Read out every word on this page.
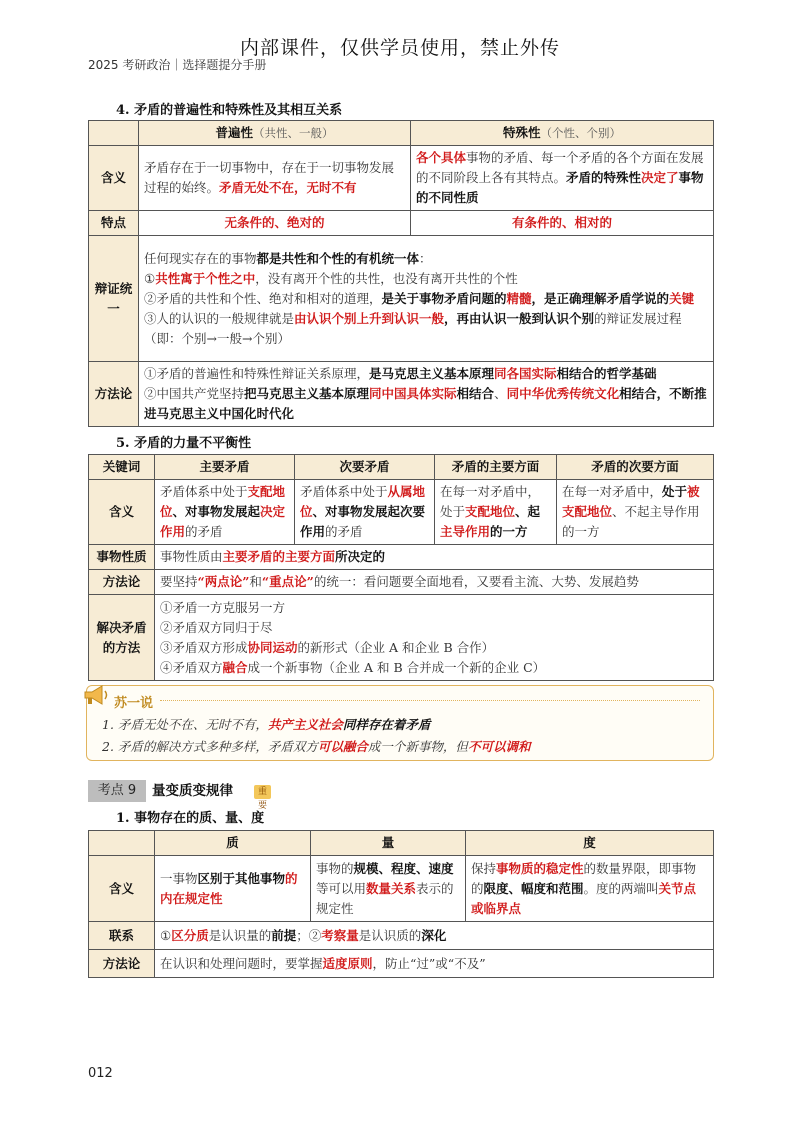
内部课件，仅供学员使用，禁止外传
2025 考研政治｜选择题提分手册
4. 矛盾的普遍性和特殊性及其相互关系
	普遍性（共性、一般）	特殊性（个性、个别）
含义	矛盾存在于一切事物中，存在于一切事物发展过程的始终。矛盾无处不在，无时不有	各个具体事物的矛盾、每一个矛盾的各个方面在发展的不同阶段上各有其特点。矛盾的特殊性决定了事物的不同性质
特点	无条件的、绝对的	有条件的、相对的
辩证统一	任何现实存在的事物都是共性和个性的有机统一体：
①共性寓于个性之中，没有离开个性的共性，也没有离开共性的个性
②矛盾的共性和个性、绝对和相对的道理，是关于事物矛盾问题的精髓，是正确理解矛盾学说的关键
③人的认识的一般规律就是由认识个别上升到认识一般，再由认识一般到认识个别的辩证发展过程（即：个别→一般→个别）	

方法论	①矛盾的普遍性和特殊性辩证关系原理，是马克思主义基本原理同各国实际相结合的哲学基础
②中国共产党坚持把马克思主义基本原理同中国具体实际相结合、同中华优秀传统文化相结合，不断推进马克思主义中国化时代化	
5. 矛盾的力量不平衡性
关键词	主要矛盾	次要矛盾	矛盾的主要方面	矛盾的次要方面
含义	矛盾体系中处于支配地位、对事物发展起决定作用的矛盾	矛盾体系中处于从属地位、对事物发展起次要作用的矛盾	在每一对矛盾中，处于支配地位、起主导作用的一方	在每一对矛盾中，处于被支配地位、不起主导作用的一方
事物性质	事物性质由主要矛盾的主要方面所决定的			
方法论	要坚持“两点论”和“重点论”的统一：看问题要全面地看，又要看主流、大势、发展趋势			
解决矛盾的方法	①矛盾一方克服另一方
②矛盾双方同归于尽
③矛盾双方形成协同运动的新形式（企业 A 和企业 B 合作）
④矛盾双方融合成一个新事物（企业 A 和 B 合并成一个新的企业 C）			
苏一说
1. 矛盾无处不在、无时不有，共产主义社会同样存在着矛盾
2. 矛盾的解决方式多种多样，矛盾双方可以融合成一个新事物，但不可以调和
考点 9	量变质变规律	重要
1. 事物存在的质、量、度
	质	量	度
含义	一事物区别于其他事物的内在规定性	事物的规模、程度、速度等可以用数量关系表示的规定性	保持事物质的稳定性的数量界限，即事物的限度、幅度和范围。度的两端叫关节点或临界点
联系	①区分质是认识量的前提；②考察量是认识质的深化		
方法论	在认识和处理问题时，要掌握适度原则，防止“过”或“不及”		
012
